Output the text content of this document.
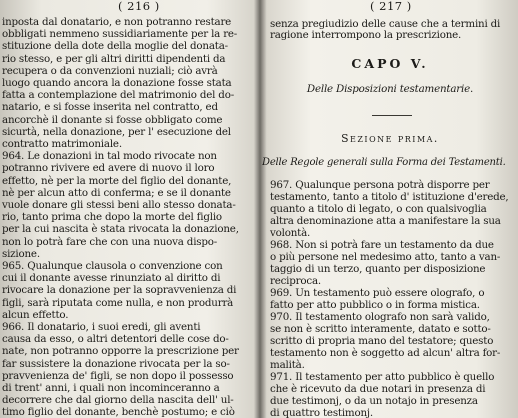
( 216 )
inposta dal donatario, e non potranno restare
obbligati nemmeno sussidiariamente per la re-
stituzione della dote della moglie del donata-
rio stesso, e per gli altri diritti dipendenti da
recupera o da convenzioni nuziali; ciò avrà
luogo quando ancora la donazione fosse stata
fatta a contemplazione del matrimonio del do-
natario, e si fosse inserita nel contratto, ed
ancorchè il donante si fosse obbligato come
sicurtà, nella donazione, per l' esecuzione del
contratto matrimoniale.
964. Le donazioni in tal modo rivocate non
potranno rivivere ed avere di nuovo il loro
effetto, nè per la morte del figlio del donante,
nè per alcun atto di conferma; e se il donante
vuole donare gli stessi beni allo stesso donata-
rio, tanto prima che dopo la morte del figlio
per la cui nascita è stata rivocata la donazione,
non lo potrà fare che con una nuova dispo-
sizione.
965. Qualunque clausola o convenzione con
cui il donante avesse rinunziato al diritto di
rivocare la donazione per la sopravvenienza di
figli, sarà riputata come nulla, e non produrrà
alcun effetto.
966. Il donatario, i suoi eredi, gli aventi
causa da esso, o altri detentori delle cose do-
nate, non potranno opporre la prescrizione per
far sussistere la donazione rivocata per la so-
pravvenienza de' figli, se non dopo il possesso
di trent' anni, i quali non incominceranno a
decorrere che dal giorno della nascita dell' ul-
timo figlio del donante, benchè postumo; e ciò
( 217 )
senza pregiudizio delle cause che a termini di
ragione interrompono la prescrizione.
CAPO V.
Delle Disposizioni testamentarie.
Sezione prima.
Delle Regole generali sulla Forma dei Testamenti.
967. Qualunque persona potrà disporre per
testamento, tanto a titolo d' istituzione d'erede,
quanto a titolo di legato, o con qualsivoglia
altra denominazione atta a manifestare la sua
volontà.
968. Non si potrà fare un testamento da due
o più persone nel medesimo atto, tanto a van-
taggio di un terzo, quanto per disposizione
reciproca.
969. Un testamento può essere olografo, o
fatto per atto pubblico o in forma mistica.
970. Il testamento olografo non sarà valido,
se non è scritto interamente, datato e sotto-
scritto di propria mano del testatore; questo
testamento non è soggetto ad alcun' altra for-
malità.
971. Il testamento per atto pubblico è quello
che è ricevuto da due notari in presenza di
due testimonj, o da un notajo in presenza
di quattro testimonj.
